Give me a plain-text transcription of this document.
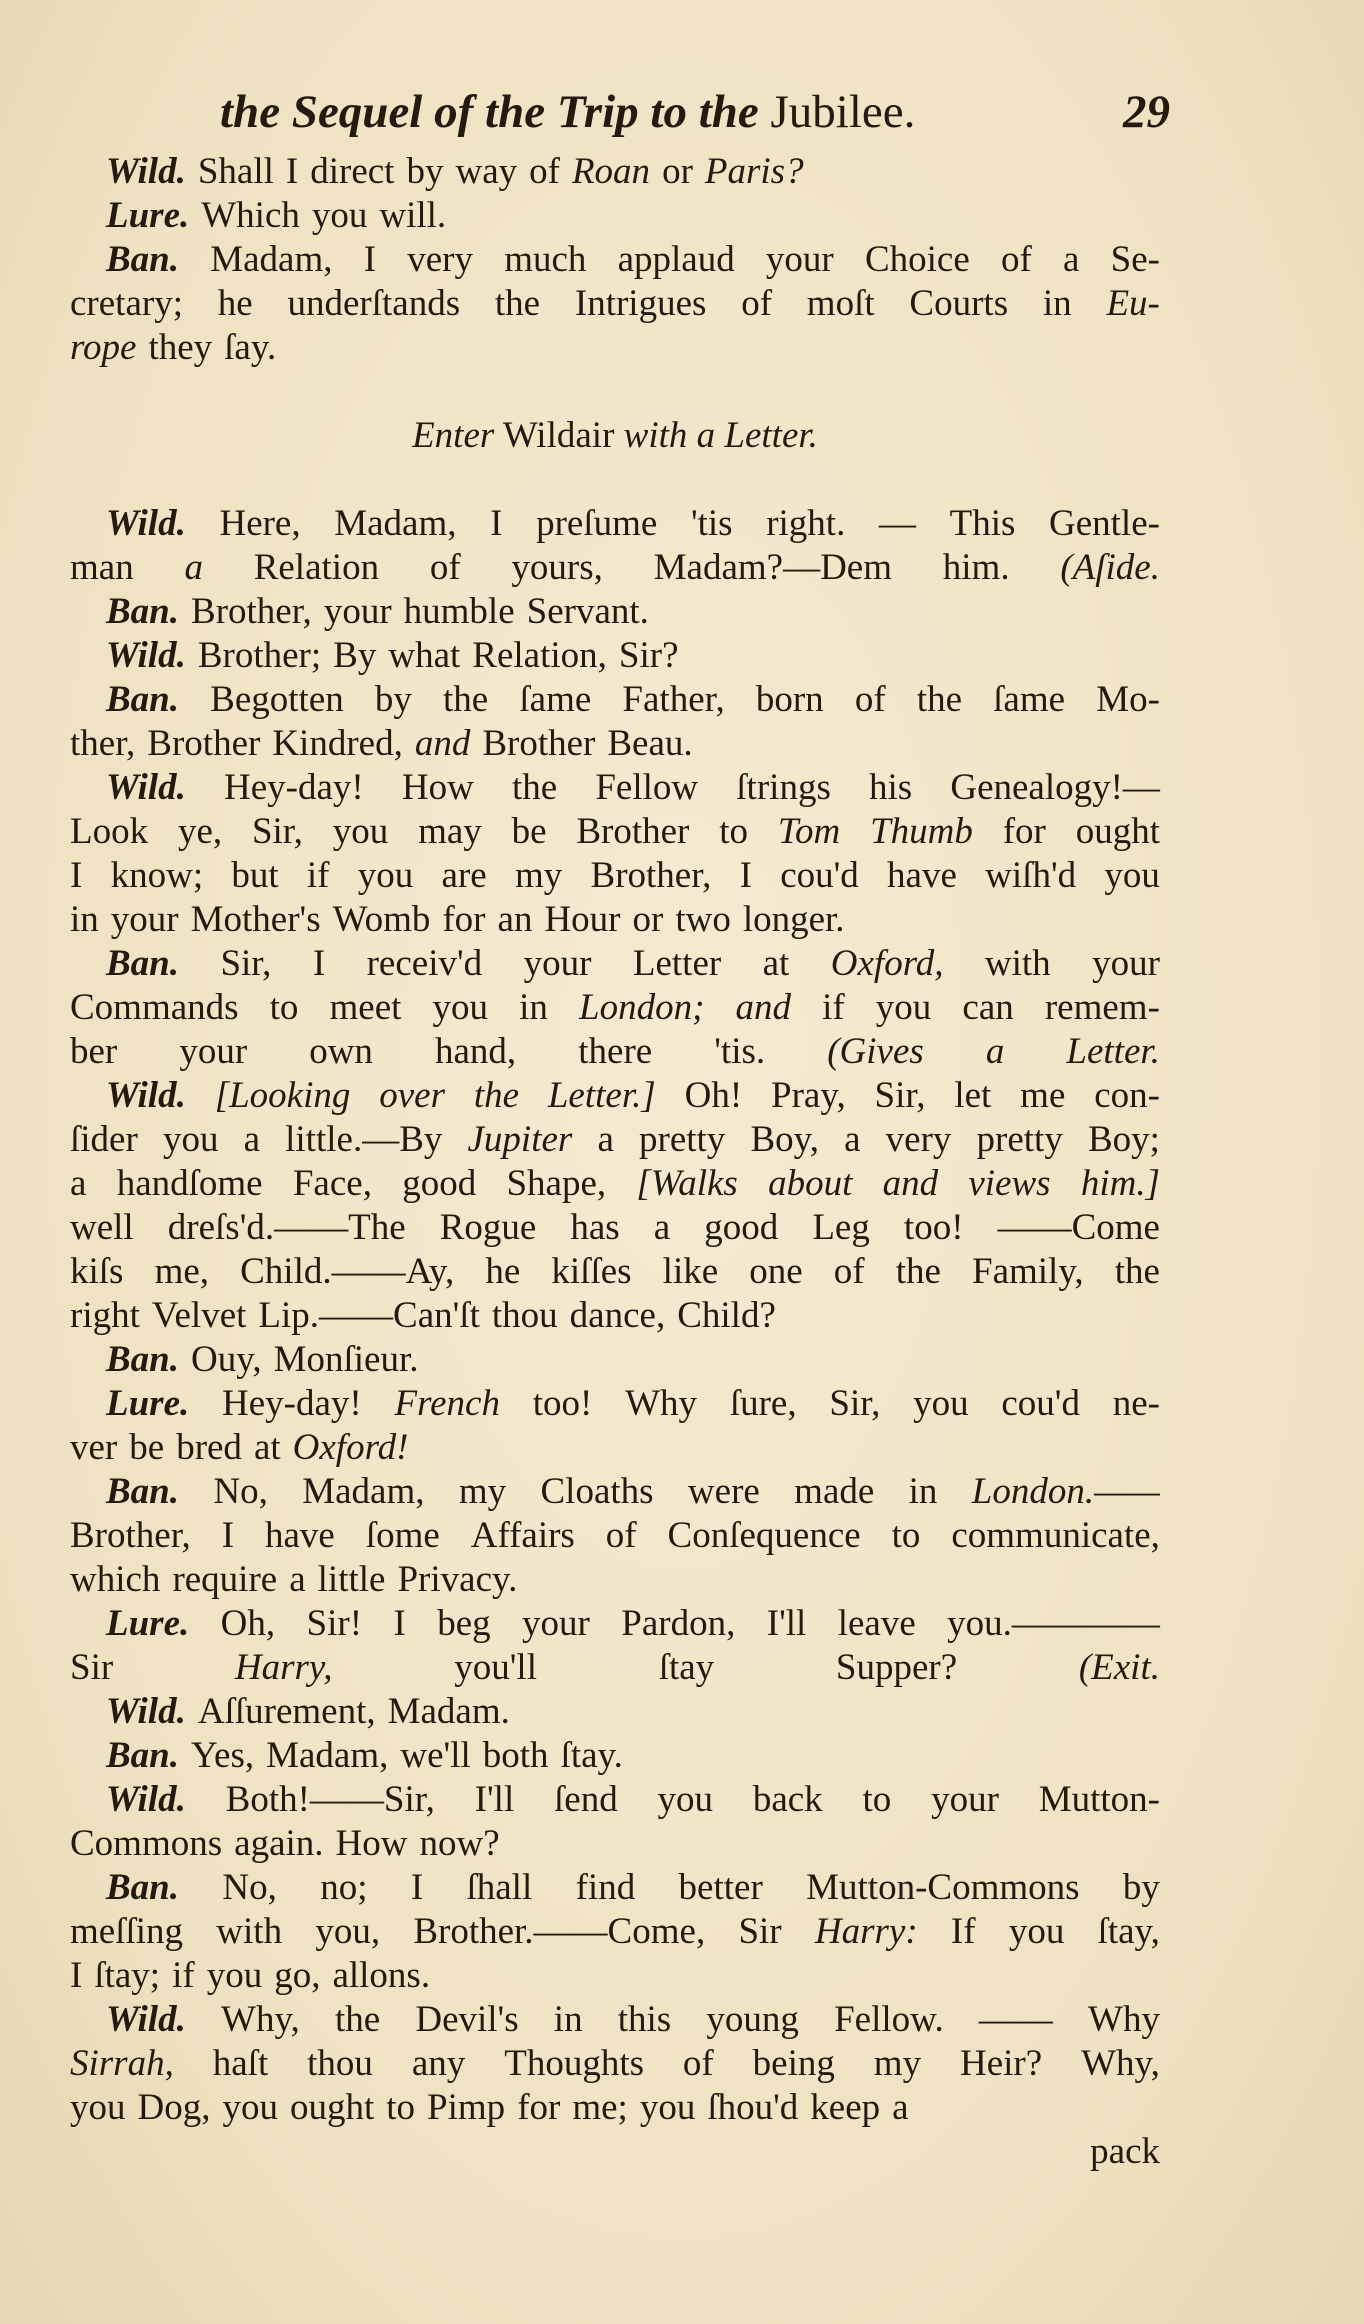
the Sequel of the Trip to the Jubilee.	29
Wild. Shall I direct by way of Roan or Paris?
Lure. Which you will.
Ban. Madam, I very much applaud your Choice of a Se-
cretary; he underſtands the Intrigues of moſt Courts in Eu-
rope they ſay.
Enter Wildair with a Letter.
Wild. Here, Madam, I preſume 'tis right. — This Gentle-
man a Relation of yours, Madam?—Dem him. (Aſide.
Ban. Brother, your humble Servant.
Wild. Brother; By what Relation, Sir?
Ban. Begotten by the ſame Father, born of the ſame Mo-
ther, Brother Kindred, and Brother Beau.
Wild. Hey-day! How the Fellow ſtrings his Genealogy!—
Look ye, Sir, you may be Brother to Tom Thumb for ought
I know; but if you are my Brother, I cou'd have wiſh'd you
in your Mother's Womb for an Hour or two longer.
Ban. Sir, I receiv'd your Letter at Oxford, with your
Commands to meet you in London; and if you can remem-
ber your own hand, there 'tis. (Gives a Letter.
Wild. [Looking over the Letter.] Oh! Pray, Sir, let me con-
ſider you a little.—By Jupiter a pretty Boy, a very pretty Boy;
a handſome Face, good Shape, [Walks about and views him.]
well dreſs'd.——The Rogue has a good Leg too! ——Come
kiſs me, Child.——Ay, he kiſſes like one of the Family, the
right Velvet Lip.——Can'ſt thou dance, Child?
Ban. Ouy, Monſieur.
Lure. Hey-day! French too! Why ſure, Sir, you cou'd ne-
ver be bred at Oxford!
Ban. No, Madam, my Cloaths were made in London.——
Brother, I have ſome Affairs of Conſequence to communicate,
which require a little Privacy.
Lure. Oh, Sir! I beg your Pardon, I'll leave you.————
Sir	Harry,	you'll	ſtay	Supper?	(Exit.
Wild. Aſſurement, Madam.
Ban. Yes, Madam, we'll both ſtay.
Wild. Both!——Sir, I'll ſend you back to your Mutton-
Commons again. How now?
Ban. No, no; I ſhall find better Mutton-Commons by
meſſing with you, Brother.——Come, Sir Harry: If you ſtay,
I ſtay; if you go, allons.
Wild. Why, the Devil's in this young Fellow. —— Why
Sirrah, haſt thou any Thoughts of being my Heir? Why,
you Dog, you ought to Pimp for me; you ſhou'd keep a
pack
